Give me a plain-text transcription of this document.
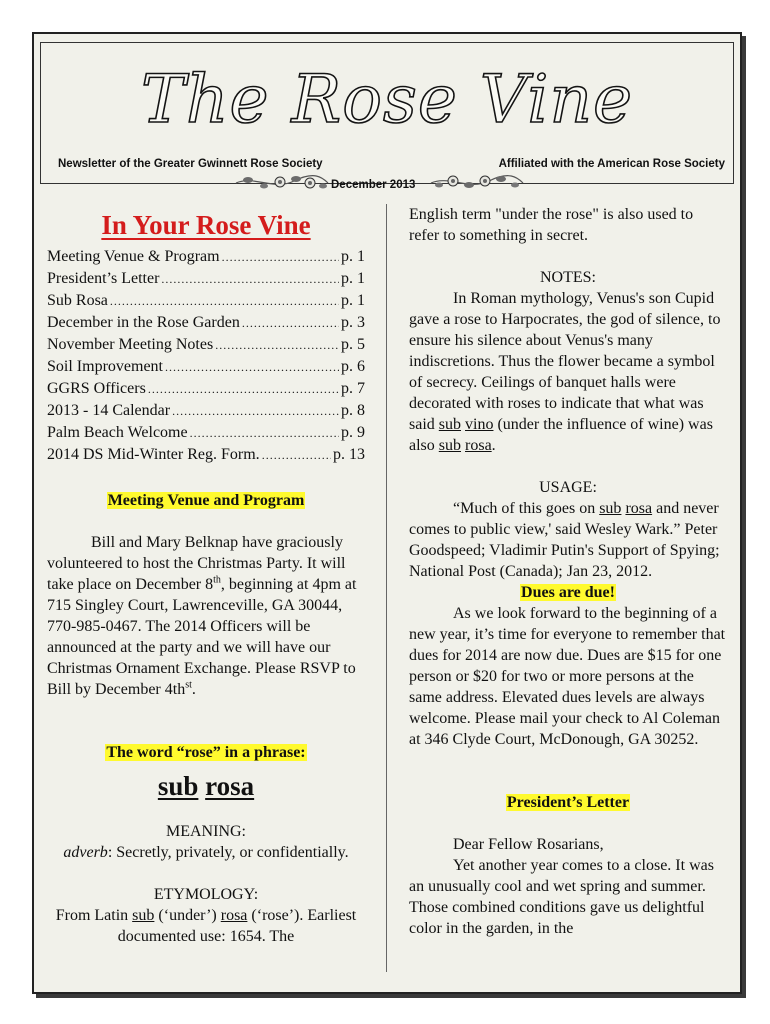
The Rose Vine
Newsletter of the Greater Gwinnett Rose Society	Affiliated with the American Rose Society
December 2013
In Your Rose Vine
Meeting Venue & Program .....	p. 1
President’s Letter .....	p. 1
Sub Rosa .....	p. 1
December in the Rose Garden .....	p. 3
November Meeting Notes .....	p. 5
Soil Improvement .....	p. 6
GGRS Officers .....	p. 7
2013 - 14 Calendar .....	p. 8
Palm Beach Welcome .....	p. 9
2014 DS Mid-Winter Reg. Form. .....	p. 13
Meeting Venue and Program

Bill and Mary Belknap have graciously volunteered to host the Christmas Party. It will take place on December 8th, beginning at 4pm at 715 Singley Court, Lawrenceville, GA 30044, 770-985-0467. The 2014 Officers will be announced at the party and we will have our Christmas Ornament Exchange. Please RSVP to Bill by December $4th^{st}$.

The word “rose” in a phrase:
sub rosa
MEANING:
adverb: Secretly, privately, or confidentially.
ETYMOLOGY:
From Latin sub (‘under’) rosa (‘rose’). Earliest documented use: 1654. The

English term "under the rose" is also used to refer to something in secret.

NOTES:

In Roman mythology, Venus's son Cupid gave a rose to Harpocrates, the god of silence, to ensure his silence about Venus's many indiscretions. Thus the flower became a symbol of secrecy. Ceilings of banquet halls were decorated with roses to indicate that what was said sub vino (under the influence of wine) was also sub rosa.

USAGE:

“Much of this goes on sub rosa and never comes to public view,' said Wesley Wark.” Peter Goodspeed; Vladimir Putin's Support of Spying; National Post (Canada); Jan 23, 2012.

Dues are due!

As we look forward to the beginning of a new year, it’s time for everyone to remember that dues for 2014 are now due. Dues are $15 for one person or $20 for two or more persons at the same address. Elevated dues levels are always welcome. Please mail your check to Al Coleman at 346 Clyde Court, McDonough, GA 30252.

President’s Letter

Dear Fellow Rosarians,

Yet another year comes to a close. It was an unusually cool and wet spring and summer. Those combined conditions gave us delightful color in the garden, in the
